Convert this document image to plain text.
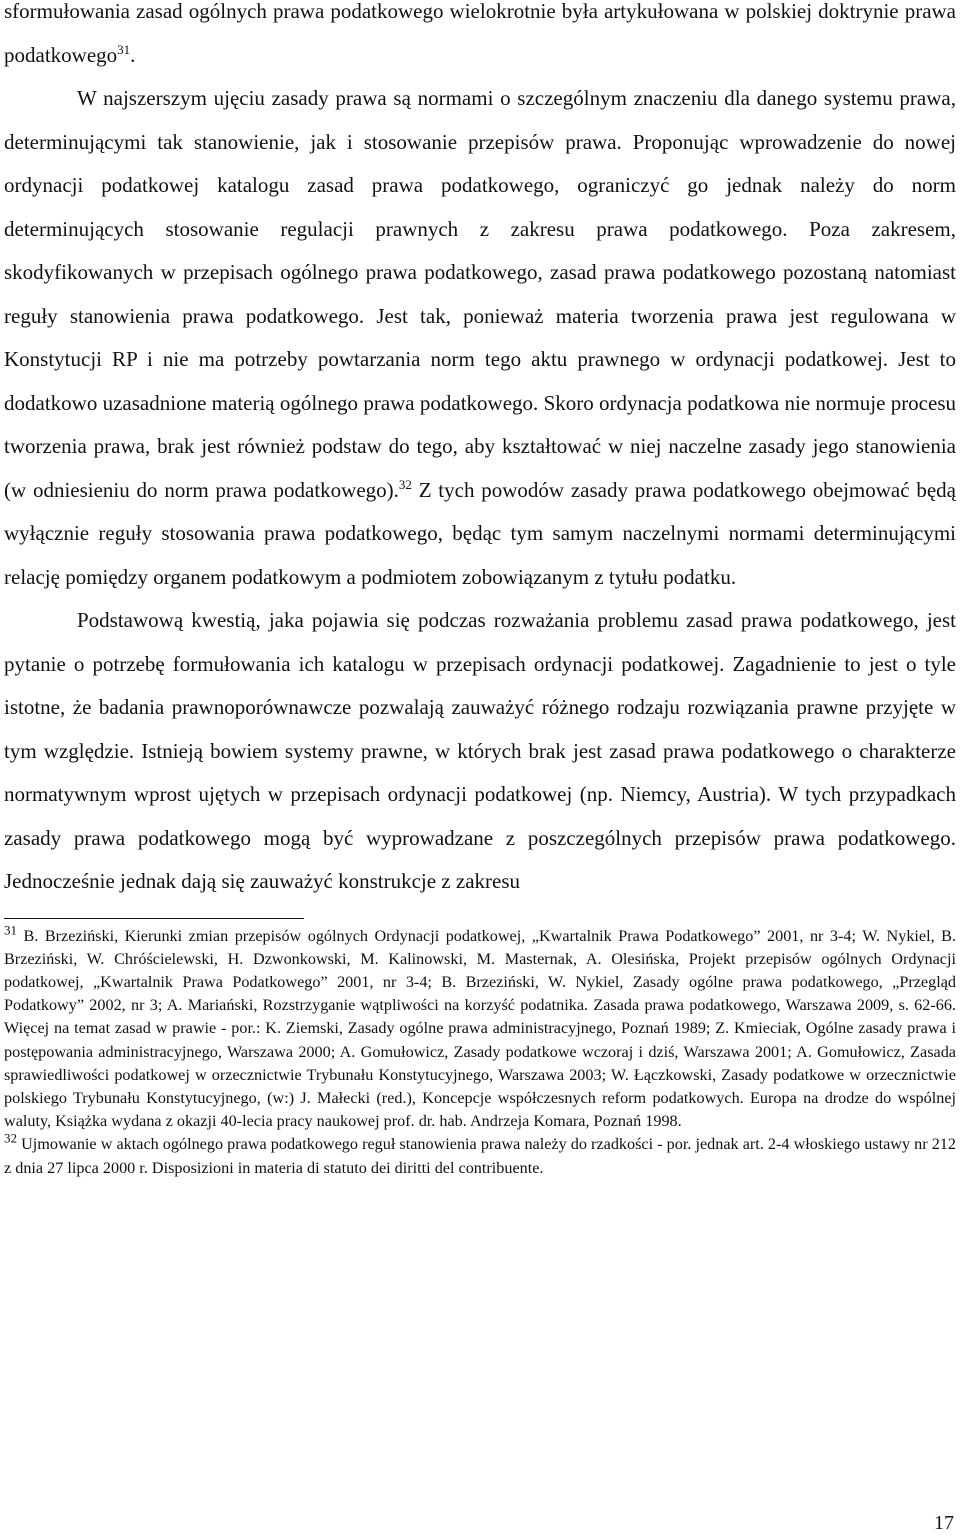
sformułowania zasad ogólnych prawa podatkowego wielokrotnie była artykułowana w polskiej doktrynie prawa podatkowego$^{31}$.

W najszerszym ujęciu zasady prawa są normami o szczególnym znaczeniu dla danego systemu prawa, determinującymi tak stanowienie, jak i stosowanie przepisów prawa. Proponując wprowadzenie do nowej ordynacji podatkowej katalogu zasad prawa podatkowego, ograniczyć go jednak należy do norm determinujących stosowanie regulacji prawnych z zakresu prawa podatkowego. Poza zakresem, skodyfikowanych w przepisach ogólnego prawa podatkowego, zasad prawa podatkowego pozostaną natomiast reguły stanowienia prawa podatkowego. Jest tak, ponieważ materia tworzenia prawa jest regulowana w Konstytucji RP i nie ma potrzeby powtarzania norm tego aktu prawnego w ordynacji podatkowej. Jest to dodatkowo uzasadnione materią ogólnego prawa podatkowego. Skoro ordynacja podatkowa nie normuje procesu tworzenia prawa, brak jest również podstaw do tego, aby kształtować w niej naczelne zasady jego stanowienia (w odniesieniu do norm prawa podatkowego).$^{32}$ Z tych powodów zasady prawa podatkowego obejmować będą wyłącznie reguły stosowania prawa podatkowego, będąc tym samym naczelnymi normami determinującymi relację pomiędzy organem podatkowym a podmiotem zobowiązanym z tytułu podatku.

Podstawową kwestią, jaka pojawia się podczas rozważania problemu zasad prawa podatkowego, jest pytanie o potrzebę formułowania ich katalogu w przepisach ordynacji podatkowej. Zagadnienie to jest o tyle istotne, że badania prawnoporównawcze pozwalają zauważyć różnego rodzaju rozwiązania prawne przyjęte w tym względzie. Istnieją bowiem systemy prawne, w których brak jest zasad prawa podatkowego o charakterze normatywnym wprost ujętych w przepisach ordynacji podatkowej (np. Niemcy, Austria). W tych przypadkach zasady prawa podatkowego mogą być wyprowadzane z poszczególnych przepisów prawa podatkowego. Jednocześnie jednak dają się zauważyć konstrukcje z zakresu

$^{31}$ B. Brzeziński, Kierunki zmian przepisów ogólnych Ordynacji podatkowej, „Kwartalnik Prawa Podatkowego” 2001, nr 3-4; W. Nykiel, B. Brzeziński, W. Chróścielewski, H. Dzwonkowski, M. Kalinowski, M. Masternak, A. Olesińska, Projekt przepisów ogólnych Ordynacji podatkowej, „Kwartalnik Prawa Podatkowego” 2001, nr 3-4; B. Brzeziński, W. Nykiel, Zasady ogólne prawa podatkowego, „Przegląd Podatkowy” 2002, nr 3; A. Mariański, Rozstrzyganie wątpliwości na korzyść podatnika. Zasada prawa podatkowego, Warszawa 2009, s. 62-66. Więcej na temat zasad w prawie - por.: K. Ziemski, Zasady ogólne prawa administracyjnego, Poznań 1989; Z. Kmieciak, Ogólne zasady prawa i postępowania administracyjnego, Warszawa 2000; A. Gomułowicz, Zasady podatkowe wczoraj i dziś, Warszawa 2001; A. Gomułowicz, Zasada sprawiedliwości podatkowej w orzecznictwie Trybunału Konstytucyjnego, Warszawa 2003; W. Łączkowski, Zasady podatkowe w orzecznictwie polskiego Trybunału Konstytucyjnego, (w:) J. Małecki (red.), Koncepcje współczesnych reform podatkowych. Europa na drodze do wspólnej waluty, Książka wydana z okazji 40-lecia pracy naukowej prof. dr. hab. Andrzeja Komara, Poznań 1998.

$^{32}$ Ujmowanie w aktach ogólnego prawa podatkowego reguł stanowienia prawa należy do rzadkości - por. jednak art. 2-4 włoskiego ustawy nr 212 z dnia 27 lipca 2000 r. Disposizioni in materia di statuto dei diritti del contribuente.

17
